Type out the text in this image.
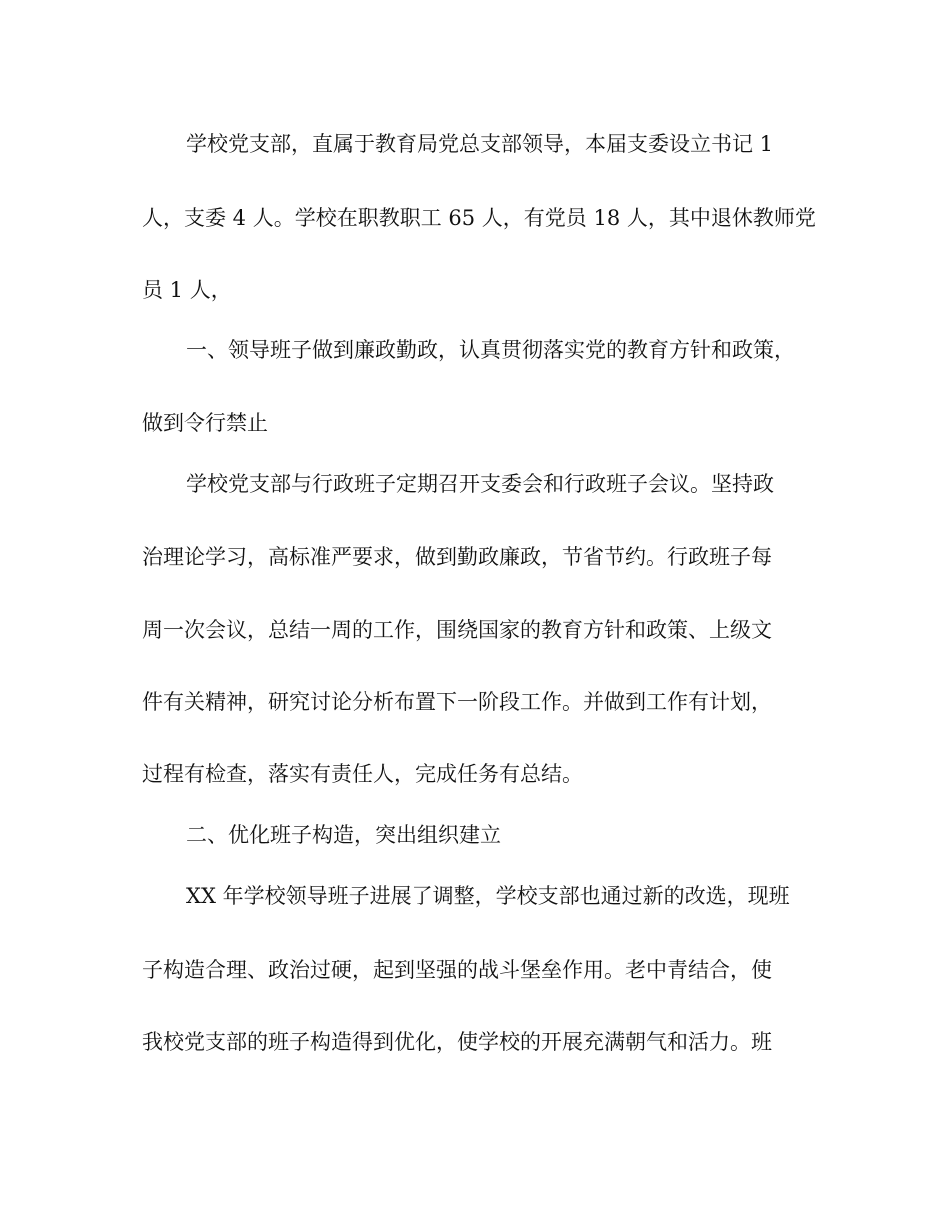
学校党支部，直属于教育局党总支部领导，本届支委设立书记 1
人，支委 4 人。学校在职教职工 65 人，有党员 18 人，其中退休教师党
员 1 人，
一、领导班子做到廉政勤政，认真贯彻落实党的教育方针和政策，
做到令行禁止
学校党支部与行政班子定期召开支委会和行政班子会议。坚持政
治理论学习，高标准严要求，做到勤政廉政，节省节约。行政班子每
周一次会议，总结一周的工作，围绕国家的教育方针和政策、上级文
件有关精神，研究讨论分析布置下一阶段工作。并做到工作有计划，
过程有检查，落实有责任人，完成任务有总结。
二、优化班子构造，突出组织建立
XX 年学校领导班子进展了调整，学校支部也通过新的改选，现班
子构造合理、政治过硬，起到坚强的战斗堡垒作用。老中青结合，使
我校党支部的班子构造得到优化，使学校的开展充满朝气和活力。班
